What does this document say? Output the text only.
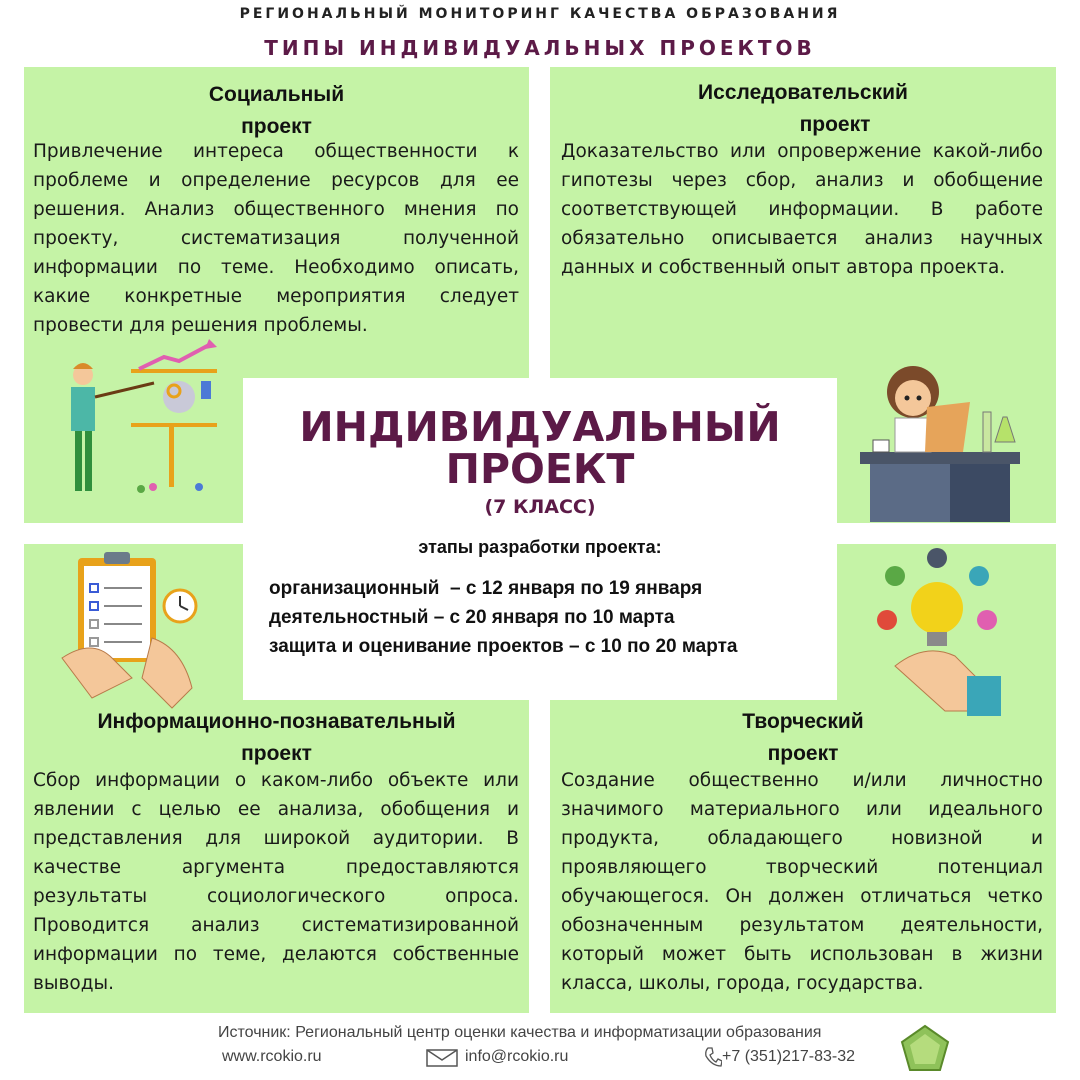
РЕГИОНАЛЬНЫЙ МОНИТОРИНГ КАЧЕСТВА ОБРАЗОВАНИЯ
ТИПЫ ИНДИВИДУАЛЬНЫХ ПРОЕКТОВ
Социальный
проект
Привлечение интереса общественности к проблеме и определение ресурсов для ее решения. Анализ общественного мнения по проекту, систематизация полученной информации по теме. Необходимо описать, какие конкретные мероприятия следует провести для решения проблемы.
Исследовательский
проект
Доказательство или опровержение какой-либо гипотезы через сбор, анализ и обобщение соответствующей информации. В работе обязательно описывается анализ научных данных и собственный опыт автора проекта.
Информационно-познавательный
проект
Сбор информации о каком-либо объекте или явлении с целью ее анализа, обобщения и представления для широкой аудитории. В качестве аргумента предоставляются результаты социологического опроса. Проводится анализ систематизированной информации по теме, делаются собственные выводы.
Творческий
проект
Создание общественно и/или личностно значимого материального или идеального продукта, обладающего новизной и проявляющего творческий потенциал обучающегося. Он должен отличаться четко обозначенным результатом деятельности, который может быть использован в жизни класса, школы, города, государства.
ИНДИВИДУАЛЬНЫЙ
ПРОЕКТ
(7 КЛАСС)
этапы разработки проекта:
организационный  – с 12 января по 19 января
деятельностный – с 20 января по 10 марта
защита и оценивание проектов – с 10 по 20 марта
Источник: Региональный центр оценки качества и информатизации образования
www.rcokio.ru	info@rcokio.ru	+7 (351)217-83-32
